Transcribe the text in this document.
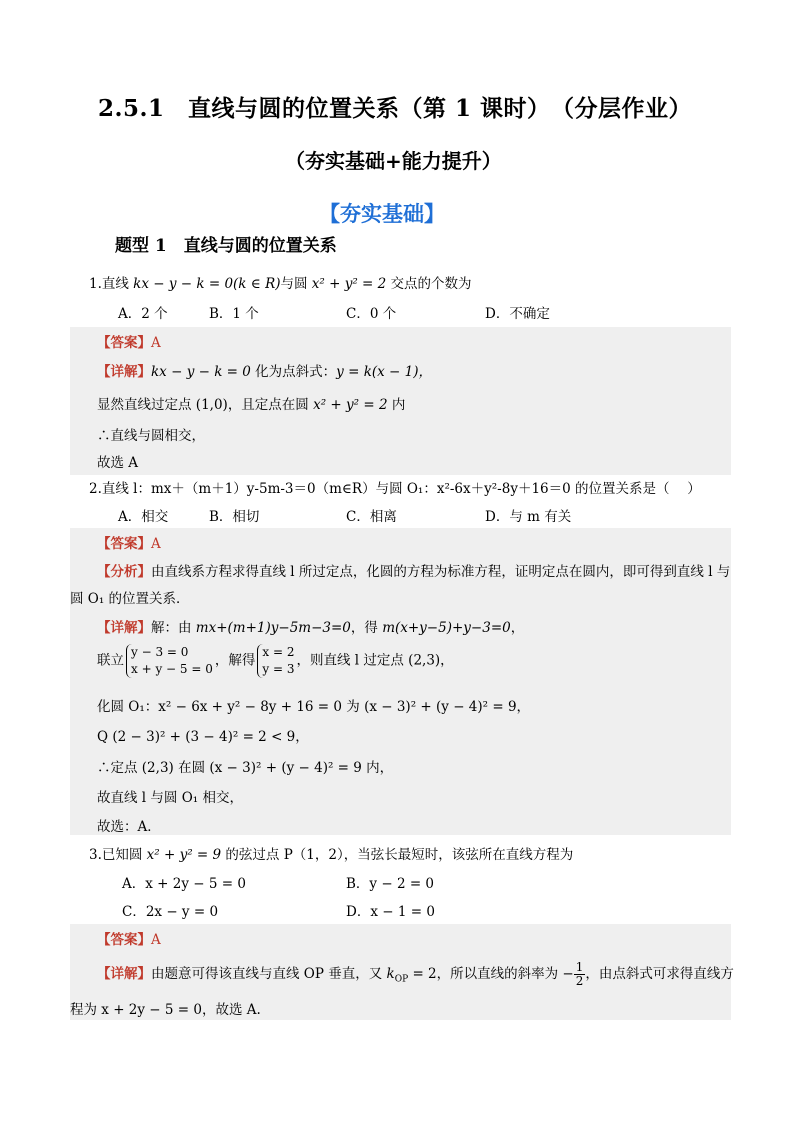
2.5.1　直线与圆的位置关系（第 1 课时）　（分层作业）
（夯实基础+能力提升）
【夯实基础】
题型 1　直线与圆的位置关系
1.直线 kx − y − k = 0(k ∈ R)与圆 x² + y² = 2 交点的个数为
A．2 个	B．1 个	C．0 个	D．不确定
【答案】A
【详解】kx − y − k = 0 化为点斜式：y = k(x − 1)，
显然直线过定点 (1,0)，且定点在圆 x² + y² = 2 内
∴直线与圆相交，
故选 A
2.直线 l：mx＋（m＋1）y-5m-3＝0（m∈R）与圆 O₁：x²-6x＋y²-8y＋16＝0 的位置关系是（　 ）
A．相交	B．相切	C．相离	D．与 m 有关
【答案】A
【分析】由直线系方程求得直线 l 所过定点，化圆的方程为标准方程，证明定点在圆内，即可得到直线 l 与
圆 O₁ 的位置关系．
【详解】解：由 mx+(m+1)y−5m−3=0，得 m(x+y−5)+y−3=0，
联立
y − 3 = 0
x + y − 5 = 0
，解得
x = 2
y = 3
，则直线 l 过定点 (2,3)，
化圆 O₁：x² − 6x + y² − 8y + 16 = 0 为 (x − 3)² + (y − 4)² = 9，
Q (2 − 3)² + (3 − 4)² = 2 < 9，
∴定点 (2,3) 在圆 (x − 3)² + (y − 4)² = 9 内，
故直线 l 与圆 O₁ 相交，
故选：A．
3.已知圆 x² + y² = 9 的弦过点 P（1，2），当弦长最短时，该弦所在直线方程为
A．x + 2y − 5 = 0	B．y − 2 = 0
C．2x − y = 0	D．x − 1 = 0
【答案】A
【详解】由题意可得该直线与直线 OP 垂直，又 $k_{OP} = 2$，所以直线的斜率为 − $\frac{1}{2}$ ，由点斜式可求得直线方
程为 x + 2y − 5 = 0，故选 A.
